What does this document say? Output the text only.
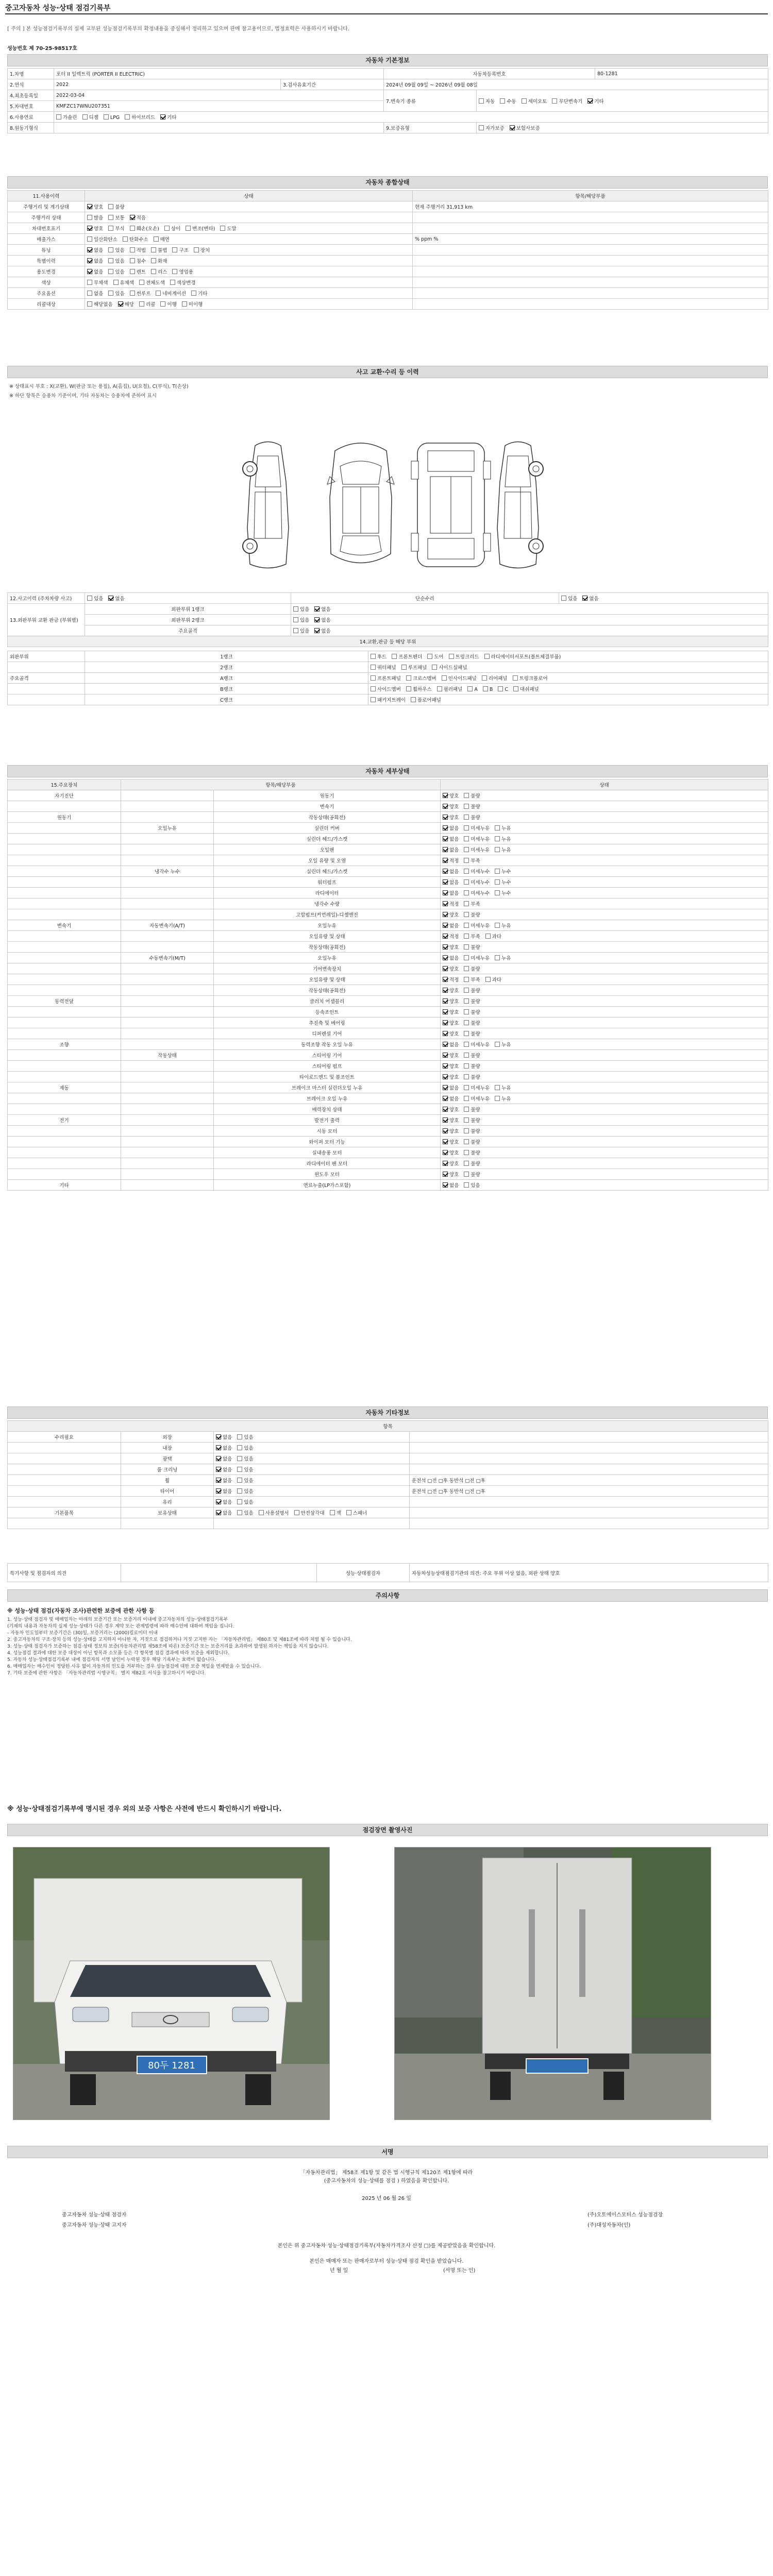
중고자동차 성능·상태 점검기록부
[ 주의 ] 본 성능점검기록부의 실제 교부된 성능점검기록부의 확정내용을 중심해서 정리하고 있으며 판매 참고용이므로, 법정효력은 사용하시기 바랍니다.
성능번호 제 70-25-98517호
자동차 기본정보
1.차명	포터 II 일렉트릭 (PORTER II ELECTRIC)		자동차등록번호		80-1281
2.연식	2022	3.검사유효기간	2024년 09월 09일 ~ 2026년 09월 08일		
4.최초등록일	2022-03-04		7.변속기 종류	자동 수동 세미오토 무단변속기 기타	
5.차대번호	KMFZC17WNU207351				
6.사용연료	가솔린 디젤 LPG 하이브리드 기타				
8.원동기형식			9.보증유형	자가보증 보험사보증	
자동차 종합상태
11.사용이력	상태	항목/해당부품
주행거리 및 계기상태	양호 불량	현재 주행거리 31,913 km
주행거리 상태	많음 보통 적음	
차대번호표기	양호 부식 훼손(오손) 상이 변조(변타) 도말	
배출가스	일산화탄소 탄화수소 매연	% ppm %
튜닝	없음 있음 적법 불법 구조 장치	
특별이력	없음 있음 침수 화재	
용도변경	없음 있음 렌트 리스 영업용	
색상	무채색 유채색 전체도색 색상변경	
주요옵션	없음 있음 썬루프 네비게이션 기타	
리콜대상	해당없음 해당 리콜 이행 미이행	
사고 교환·수리 등 이력
※ 상태표시 부호 : X(교환), W(판금 또는 용접), A(흠집), U(요철), C(부식), T(손상)
※ 하단 항목은 승용차 기준이며, 기타 자동차는 승용차에 준하여 표시
12.사고이력 (주차차량 사고)	있음 없음	단순수리	있음 없음
13.외판부위 교환 판금 (부위별)	외판부위 1랭크	있음 없음	
	외판부위 2랭크	있음 없음	
	주요골격	있음 없음	
14.교환,판금 등 해당 부위			
외판부위	1랭크	후드 프론트펜더 도어 트렁크리드 라디에이터서포트(볼트체결부품)
	2랭크	쿼터패널 루프패널 사이드실패널
주요골격	A랭크	프론트패널 크로스멤버 인사이드패널 리어패널 트렁크플로어
	B랭크	사이드멤버 휠하우스 필러패널 A B C 대쉬패널
	C랭크	패키지트레이 플로어패널
자동차 세부상태
15.주요장치	항목/해당부품		상태
자기진단		원동기	양호 불량
		변속기	양호 불량
원동기		작동상태(공회전)	양호 불량
	오일누유	실린더 커버	없음 미세누유 누유
		실린더 헤드/가스켓	없음 미세누유 누유
		오일팬	없음 미세누유 누유
		오일 유량 및 오염	적정 부족
	냉각수 누수	실린더 헤드/가스켓	없음 미세누수 누수
		워터펌프	없음 미세누수 누수
		라디에이터	없음 미세누수 누수
		냉각수 수량	적정 부족
		고압펌프(커먼레일)-디젤엔진	양호 불량
변속기	자동변속기(A/T)	오일누유	없음 미세누유 누유
		오일유량 및 상태	적정 부족 과다
		작동상태(공회전)	양호 불량
	수동변속기(M/T)	오일누유	없음 미세누유 누유
		기어변속장치	양호 불량
		오일유량 및 상태	적정 부족 과다
		작동상태(공회전)	양호 불량
동력전달		클러치 어셈블리	양호 불량
		등속조인트	양호 불량
		추진축 및 베어링	양호 불량
		디퍼렌셜 기어	양호 불량
조향		동력조향 작동 오일 누유	없음 미세누유 누유
	작동상태	스티어링 기어	양호 불량
		스티어링 펌프	양호 불량
		타이로드엔드 및 볼조인트	양호 불량
제동		브레이크 마스터 실린더오일 누유	없음 미세누유 누유
		브레이크 오일 누유	없음 미세누유 누유
		배력장치 상태	양호 불량
전기		발전기 출력	양호 불량
		시동 모터	양호 불량
		와이퍼 모터 기능	양호 불량
		실내송풍 모터	양호 불량
		라디에이터 팬 모터	양호 불량
		윈도우 모터	양호 불량
기타		연료누출(LP가스포함)	없음 있음
자동차 기타정보
항목			
수리필요	외장	없음 있음	
	내장	없음 있음	
	광택	없음 있음	
	룸 크리닝	없음 있음	
	휠	없음 있음	운전석 □전 □후 동반석 □전 □후
	타이어	없음 있음	운전석 □전 □후 동반석 □전 □후
	유리	없음 있음	
기본품목	보유상태	없음 있음 사용설명서 안전삼각대 잭 스패너	

특기사항 및 점검자의 의견		성능·상태점검자	자동차성능상태점검기관의 의견: 주요 부위 이상 없음, 외판 상태 양호
주의사항
※ 성능·상태 점검(자동차 조사)관련한 보증에 관한 사항 등

1. 성능·상태 점검자 및 매매업자는 아래의 보증기간 또는 보증거리 이내에 중고자동차의 성능·상태점검기록부

(기재의 내용과 자동차의 실제 성능·상태가 다른 경우 계약 또는 관계법령에 따라 매수인에 대하여 책임을 집니다.

- 자동차 인도일부터 보증기간은 (30)일, 보증거리는 (2000)킬로미터 이내

2. 중고자동차의 구조·장치 등의 성능·상태를 고지하지 아니한 자, 거짓으로 점검하거나 거짓 고지한 자는 「자동차관리법」 제80조 및 제81조에 따라 처벌 될 수 있습니다.

3. 성능·상태 점검자가 보증하는 점검·상태 정보의 보증(자동차관리법 제58조에 따른) 보증기간 또는 보증거리를 초과하여 발생된 하자는 책임을 지지 않습니다.

4. 성능점검 결과에 대한 보증 대상이 아닌 항목과 소모품 등은 각 항목별 점검 결과에 따라 보증을 제외합니다.

5. 자동차 성능·상태점검기록부 내에 점검자의 서명 날인이 누락된 경우 해당 기록부는 효력이 없습니다.

6. 매매업자는 매수인이 정당한 사유 없이 자동차의 인도를 거부하는 경우 성능점검에 대한 보증 책임을 면제받을 수 있습니다.

7. 기타 보증에 관한 사항은 「자동차관리법 시행규칙」 별지 제82호 서식을 참고하시기 바랍니다.

※ 성능·상태점검기록부에 명시된 경우 외의 보증 사항은 사전에 반드시 확인하시기 바랍니다.
점검장면 촬영사진
80두 1281
서명
「자동차관리법」 제58조 제1항 및 같은 법 시행규칙 제120조 제1항에 따라
(중고자동차의 성능·상태를 점검 ) 하였음을 확인합니다.
2025 년 06 월 26 일
중고자동차 성능·상태 점검자	(주)오토에이스모터스 성능점검장
중고자동차 성능·상태 고지자	(주)대성자동차(인)
본인은 위 중고자동차 성능·상태점검기록부(자동차가격조사 산정 □)를 제공받았음을 확인합니다.
본인은 매매자 또는 판매자로부터 성능·상태 점검 확인을 받았습니다.
년 월 일	(서명 또는 인)
